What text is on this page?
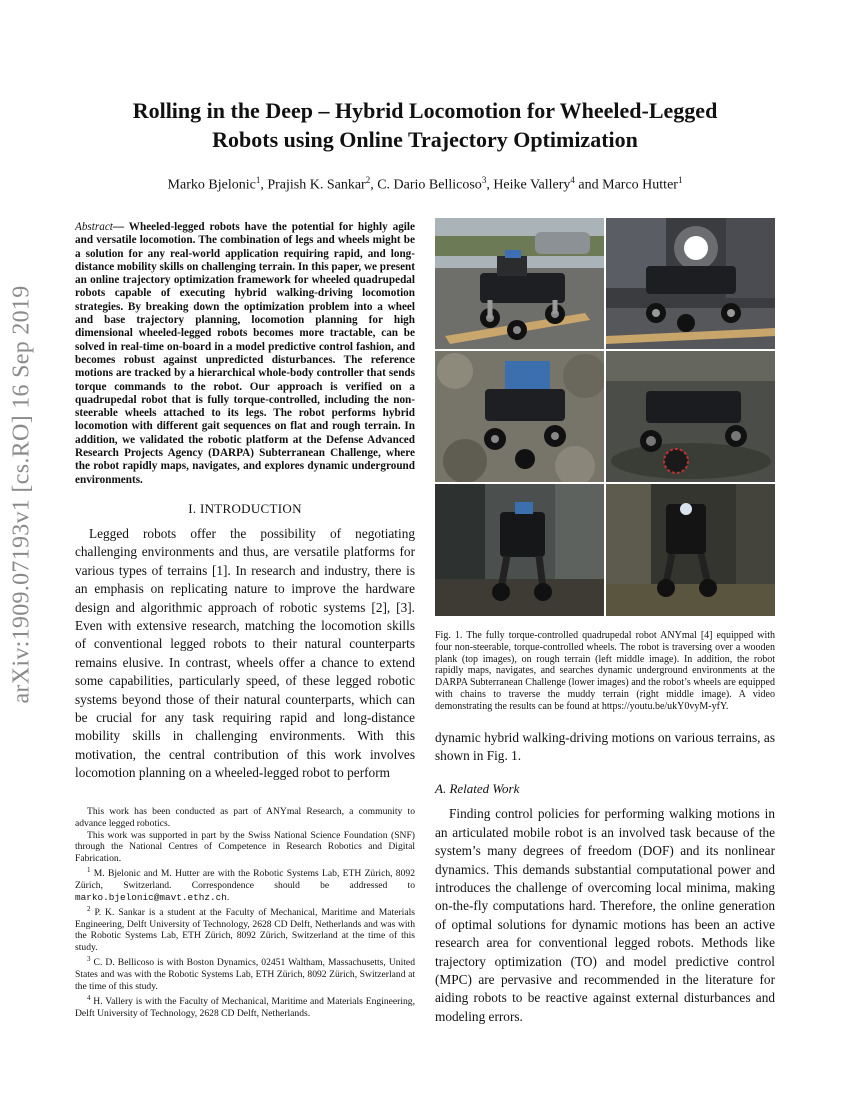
arXiv:1909.07193v1 [cs.RO] 16 Sep 2019
Rolling in the Deep – Hybrid Locomotion for Wheeled-Legged
Robots using Online Trajectory Optimization
Marko Bjelonic$^1$, Prajish K. Sankar$^2$, C. Dario Bellicoso$^3$, Heike Vallery$^4$ and Marco Hutter$^1$

Abstract— Wheeled-legged robots have the potential for highly agile and versatile locomotion. The combination of legs and wheels might be a solution for any real-world application requiring rapid, and long-distance mobility skills on challenging terrain. In this paper, we present an online trajectory optimization framework for wheeled quadrupedal robots capable of executing hybrid walking-driving locomotion strategies. By breaking down the optimization problem into a wheel and base trajectory planning, locomotion planning for high dimensional wheeled-legged robots becomes more tractable, can be solved in real-time on-board in a model predictive control fashion, and becomes robust against unpredicted disturbances. The reference motions are tracked by a hierarchical whole-body controller that sends torque commands to the robot. Our approach is verified on a quadrupedal robot that is fully torque-controlled, including the non-steerable wheels attached to its legs. The robot performs hybrid locomotion with different gait sequences on flat and rough terrain. In addition, we validated the robotic platform at the Defense Advanced Research Projects Agency (DARPA) Subterranean Challenge, where the robot rapidly maps, navigates, and explores dynamic underground environments.

I. INTRODUCTION

Legged robots offer the possibility of negotiating challenging environments and thus, are versatile platforms for various types of terrains [1]. In research and industry, there is an emphasis on replicating nature to improve the hardware design and algorithmic approach of robotic systems [2], [3]. Even with extensive research, matching the locomotion skills of conventional legged robots to their natural counterparts remains elusive. In contrast, wheels offer a chance to extend some capabilities, particularly speed, of these legged robotic systems beyond those of their natural counterparts, which can be crucial for any task requiring rapid and long-distance mobility skills in challenging environments. With this motivation, the central contribution of this work involves locomotion planning on a wheeled-legged robot to perform

This work has been conducted as part of ANYmal Research, a community to advance legged robotics.

This work was supported in part by the Swiss National Science Foundation (SNF) through the National Centres of Competence in Research Robotics and Digital Fabrication.

$^1$ M. Bjelonic and M. Hutter are with the Robotic Systems Lab, ETH Zürich, 8092 Zürich, Switzerland. Correspondence should be addressed to marko.bjelonic@mavt.ethz.ch.

$^2$ P. K. Sankar is a student at the Faculty of Mechanical, Maritime and Materials Engineering, Delft University of Technology, 2628 CD Delft, Netherlands and was with the Robotic Systems Lab, ETH Zürich, 8092 Zürich, Switzerland at the time of this study.

$^3$ C. D. Bellicoso is with Boston Dynamics, 02451 Waltham, Massachusetts, United States and was with the Robotic Systems Lab, ETH Zürich, 8092 Zürich, Switzerland at the time of this study.

$^4$ H. Vallery is with the Faculty of Mechanical, Maritime and Materials Engineering, Delft University of Technology, 2628 CD Delft, Netherlands.

Fig. 1. The fully torque-controlled quadrupedal robot ANYmal [4] equipped with four non-steerable, torque-controlled wheels. The robot is traversing over a wooden plank (top images), on rough terrain (left middle image). In addition, the robot rapidly maps, navigates, and searches dynamic underground environments at the DARPA Subterranean Challenge (lower images) and the robot’s wheels are equipped with chains to traverse the muddy terrain (right middle image). A video demonstrating the results can be found at https://youtu.be/ukY0vyM-yfY.

dynamic hybrid walking-driving motions on various terrains, as shown in Fig. 1.

A. Related Work

Finding control policies for performing walking motions in an articulated mobile robot is an involved task because of the system’s many degrees of freedom (DOF) and its nonlinear dynamics. This demands substantial computational power and introduces the challenge of overcoming local minima, making on-the-fly computations hard. Therefore, the online generation of optimal solutions for dynamic motions has been an active research area for conventional legged robots. Methods like trajectory optimization (TO) and model predictive control (MPC) are pervasive and recommended in the literature for aiding robots to be reactive against external disturbances and modeling errors.
